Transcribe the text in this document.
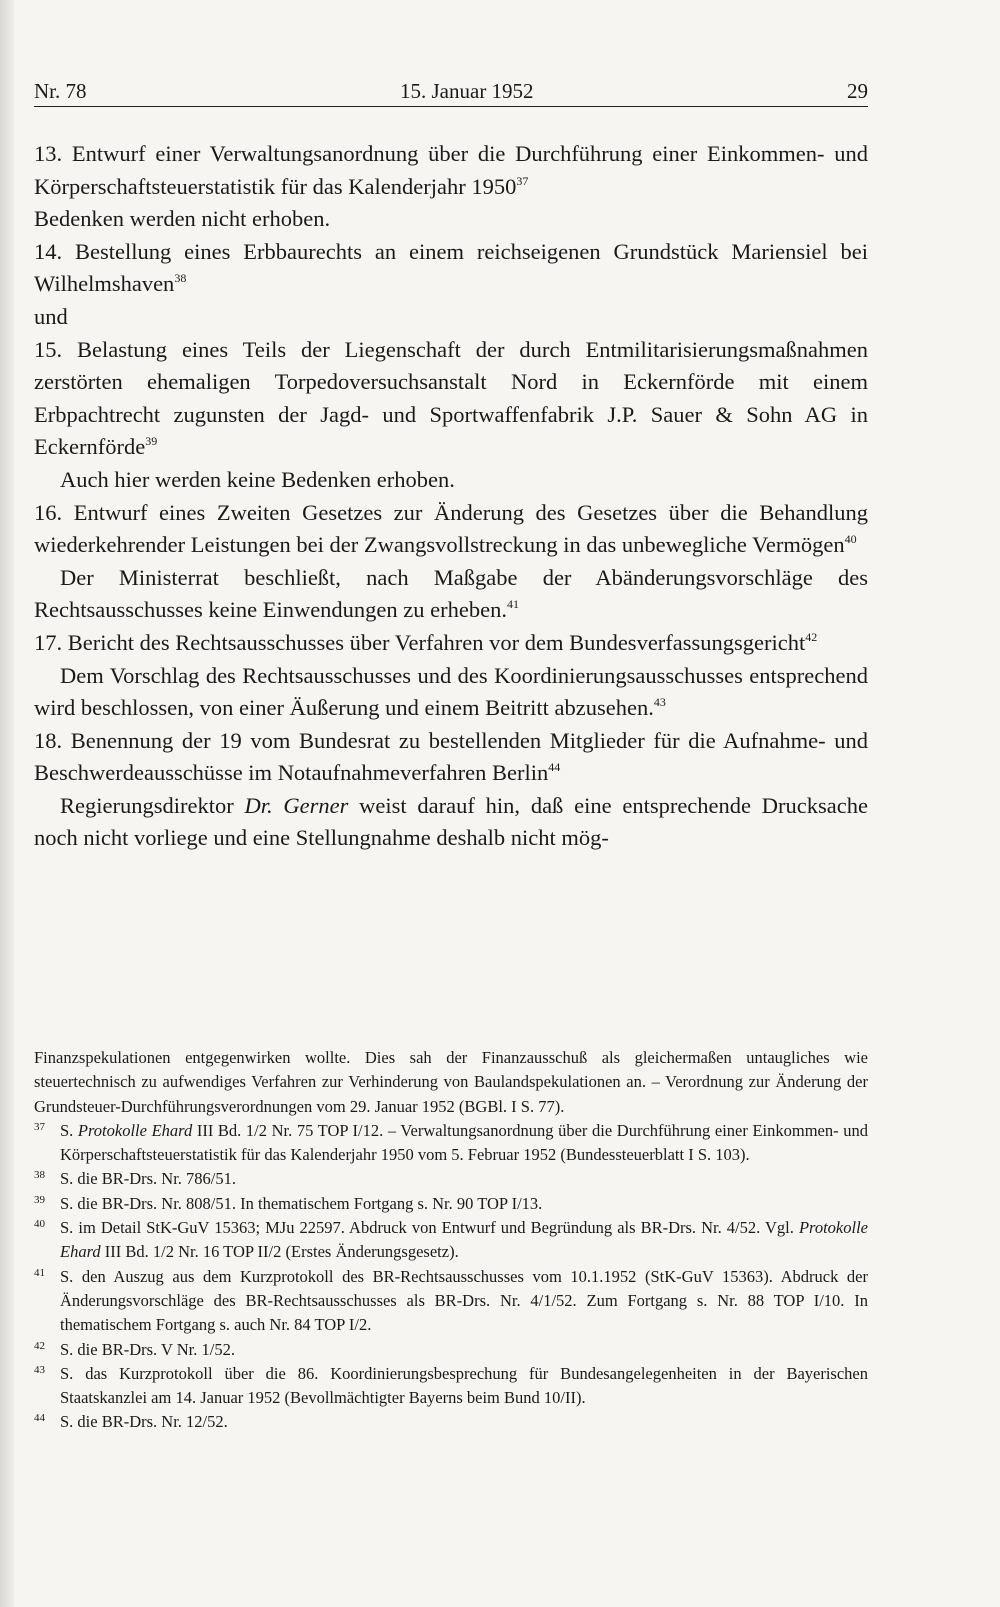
Nr. 78	15. Januar 1952	29

13. Entwurf einer Verwaltungsanordnung über die Durchführung einer Einkommen- und Körperschaftsteuerstatistik für das Kalenderjahr 1950$^{37}$

Bedenken werden nicht erhoben.

14. Bestellung eines Erbbaurechts an einem reichseigenen Grundstück Mariensiel bei Wilhelmshaven$^{38}$

und

15. Belastung eines Teils der Liegenschaft der durch Entmilitarisierungsmaßnahmen zerstörten ehemaligen Torpedoversuchsanstalt Nord in Eckernförde mit einem Erbpachtrecht zugunsten der Jagd- und Sportwaffenfabrik J.P. Sauer & Sohn AG in Eckernförde$^{39}$

Auch hier werden keine Bedenken erhoben.

16. Entwurf eines Zweiten Gesetzes zur Änderung des Gesetzes über die Behandlung wiederkehrender Leistungen bei der Zwangsvollstreckung in das unbewegliche Vermögen$^{40}$

Der Ministerrat beschließt, nach Maßgabe der Abänderungsvorschläge des Rechtsausschusses keine Einwendungen zu erheben.$^{41}$

17. Bericht des Rechtsausschusses über Verfahren vor dem Bundesverfassungsgericht$^{42}$

Dem Vorschlag des Rechtsausschusses und des Koordinierungsausschusses entsprechend wird beschlossen, von einer Äußerung und einem Beitritt abzusehen.$^{43}$

18. Benennung der 19 vom Bundesrat zu bestellenden Mitglieder für die Aufnahme- und Beschwerdeausschüsse im Notaufnahmeverfahren Berlin$^{44}$

Regierungsdirektor Dr. Gerner weist darauf hin, daß eine entsprechende Drucksache noch nicht vorliege und eine Stellungnahme deshalb nicht mög-

Finanzspekulationen entgegenwirken wollte. Dies sah der Finanzausschuß als gleichermaßen untaugliches wie steuertechnisch zu aufwendiges Verfahren zur Verhinderung von Baulandspekulationen an. – Verordnung zur Änderung der Grundsteuer-Durchführungsverordnungen vom 29. Januar 1952 (BGBl. I S. 77).

37 S. Protokolle Ehard III Bd. 1/2 Nr. 75 TOP I/12. – Verwaltungsanordnung über die Durchführung einer Einkommen- und Körperschaftsteuerstatistik für das Kalenderjahr 1950 vom 5. Februar 1952 (Bundessteuerblatt I S. 103).

38 S. die BR-Drs. Nr. 786/51.

39 S. die BR-Drs. Nr. 808/51. In thematischem Fortgang s. Nr. 90 TOP I/13.

40 S. im Detail StK-GuV 15363; MJu 22597. Abdruck von Entwurf und Begründung als BR-Drs. Nr. 4/52. Vgl. Protokolle Ehard III Bd. 1/2 Nr. 16 TOP II/2 (Erstes Änderungsgesetz).

41 S. den Auszug aus dem Kurzprotokoll des BR-Rechtsausschusses vom 10.1.1952 (StK-GuV 15363). Abdruck der Änderungsvorschläge des BR-Rechtsausschusses als BR-Drs. Nr. 4/1/52. Zum Fortgang s. Nr. 88 TOP I/10. In thematischem Fortgang s. auch Nr. 84 TOP I/2.

42 S. die BR-Drs. V Nr. 1/52.

43 S. das Kurzprotokoll über die 86. Koordinierungsbesprechung für Bundesangelegenheiten in der Bayerischen Staatskanzlei am 14. Januar 1952 (Bevollmächtigter Bayerns beim Bund 10/II).

44 S. die BR-Drs. Nr. 12/52.
